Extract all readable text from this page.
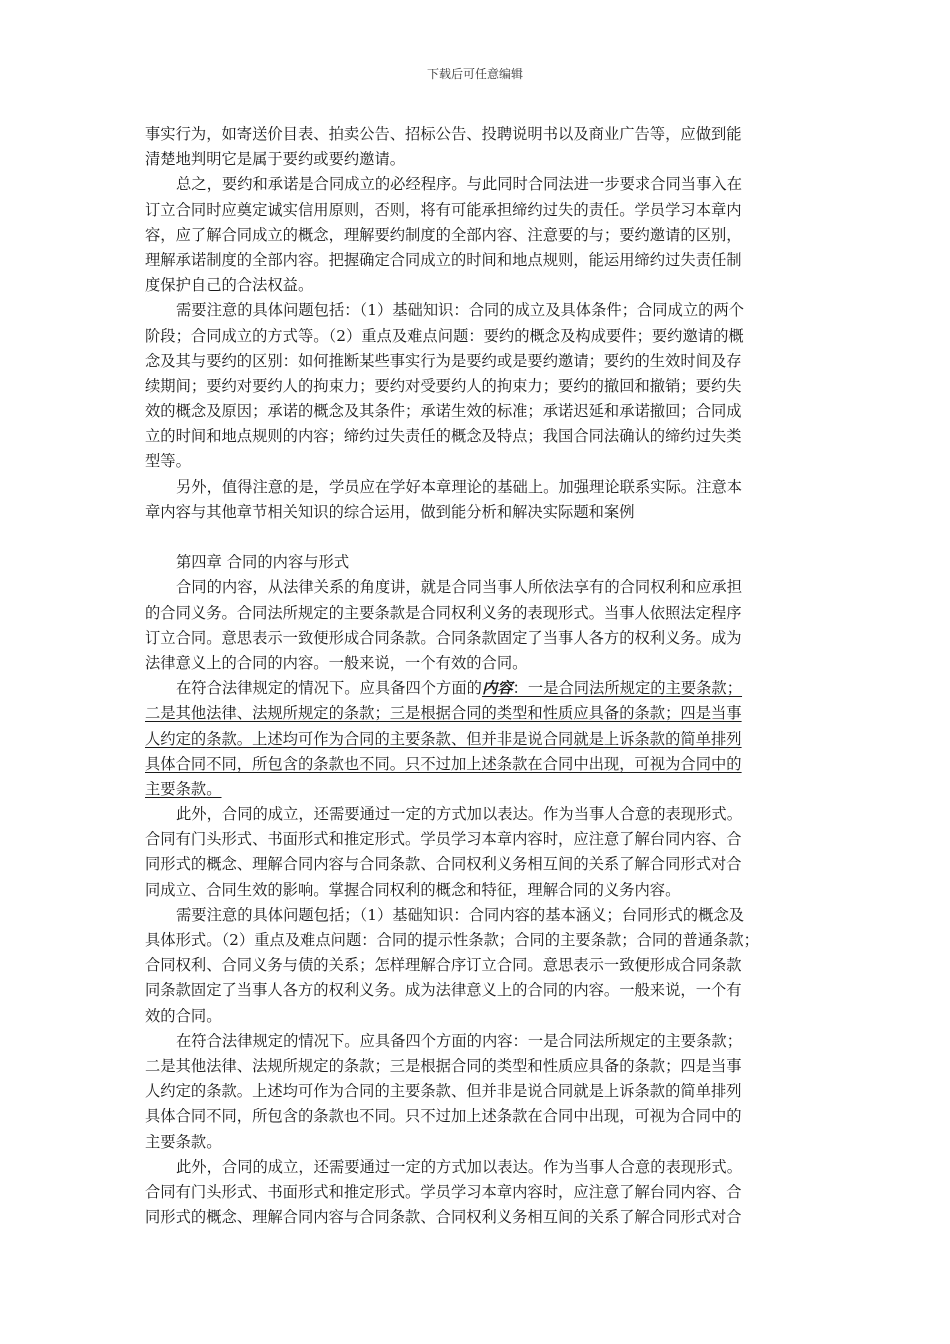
下载后可任意编辑
事实行为，如寄送价目表、拍卖公告、招标公告、投聘说明书以及商业广告等，应做到能
清楚地判明它是属于要约或要约邀请。
总之，要约和承诺是合同成立的必经程序。与此同时合同法进一步要求合同当事入在
订立合同时应奠定诚实信用原则，否则，将有可能承担缔约过失的责任。学员学习本章内
容，应了解合同成立的概念，理解要约制度的全部内容、注意要的与；要约邀请的区别，
理解承诺制度的全部内容。把握确定合同成立的时间和地点规则，能运用缔约过失责任制
度保护自己的合法权益。
需要注意的具体问题包括：（1）基础知识：合同的成立及具体条件；合同成立的两个
阶段；合同成立的方式等。（2）重点及难点问题：要约的概念及构成要件；要约邀请的概
念及其与要约的区别：如何推断某些事实行为是要约或是要约邀请；要约的生效时间及存
续期间；要约对要约人的拘束力；要约对受要约人的拘束力；要约的撤回和撤销；要约失
效的概念及原因；承诺的概念及其条件；承诺生效的标准；承诺迟延和承诺撤回；合同成
立的时间和地点规则的内容；缔约过失责任的概念及特点；我国合同法确认的缔约过失类
型等。
另外，值得注意的是，学员应在学好本章理论的基础上。加强理论联系实际。注意本
章内容与其他章节相关知识的综合运用，做到能分析和解决实际题和案例
第四章 合同的内容与形式
合同的内容，从法律关系的角度讲，就是合同当事人所依法享有的合同权利和应承担
的合同义务。合同法所规定的主要条款是合同权利义务的表现形式。当事人依照法定程序
订立合同。意思表示一致便形成合同条款。合同条款固定了当事人各方的权利义务。成为
法律意义上的合同的内容。一般来说，一个有效的合同。
在符合法律规定的情况下。应具备四个方面的内容：一是合同法所规定的主要条款；
二是其他法律、法规所规定的条款；三是根据合同的类型和性质应具备的条款；四是当事
人约定的条款。上述均可作为合同的主要条款、但并非是说合同就是上诉条款的简单排列
具体合同不同，所包含的条款也不同。只不过加上述条款在合同中出现，可视为合同中的
主要条款。
此外，合同的成立，还需要通过一定的方式加以表达。作为当事人合意的表现形式。
合同有门头形式、书面形式和推定形式。学员学习本章内容时，应注意了解台同内容、合
同形式的概念、理解合同内容与合同条款、合同权利义务相互间的关系了解合同形式对合
同成立、合同生效的影响。掌握合同权利的概念和特征，理解合同的义务内容。
需要注意的具体问题包括；（1）基础知识：合同内容的基本涵义；台同形式的概念及
具体形式。（2）重点及难点问题：合同的提示性条款；合同的主要条款；合同的普通条款；
合同权利、合同义务与债的关系；怎样理解合序订立合同。意思表示一致便形成合同条款
同条款固定了当事人各方的权利义务。成为法律意义上的合同的内容。一般来说，一个有
效的合同。
在符合法律规定的情况下。应具备四个方面的内容：一是合同法所规定的主要条款；
二是其他法律、法规所规定的条款；三是根据合同的类型和性质应具备的条款；四是当事
人约定的条款。上述均可作为合同的主要条款、但并非是说合同就是上诉条款的简单排列
具体合同不同，所包含的条款也不同。只不过加上述条款在合同中出现，可视为合同中的
主要条款。
此外，合同的成立，还需要通过一定的方式加以表达。作为当事人合意的表现形式。
合同有门头形式、书面形式和推定形式。学员学习本章内容时，应注意了解台同内容、合
同形式的概念、理解合同内容与合同条款、合同权利义务相互间的关系了解合同形式对合
